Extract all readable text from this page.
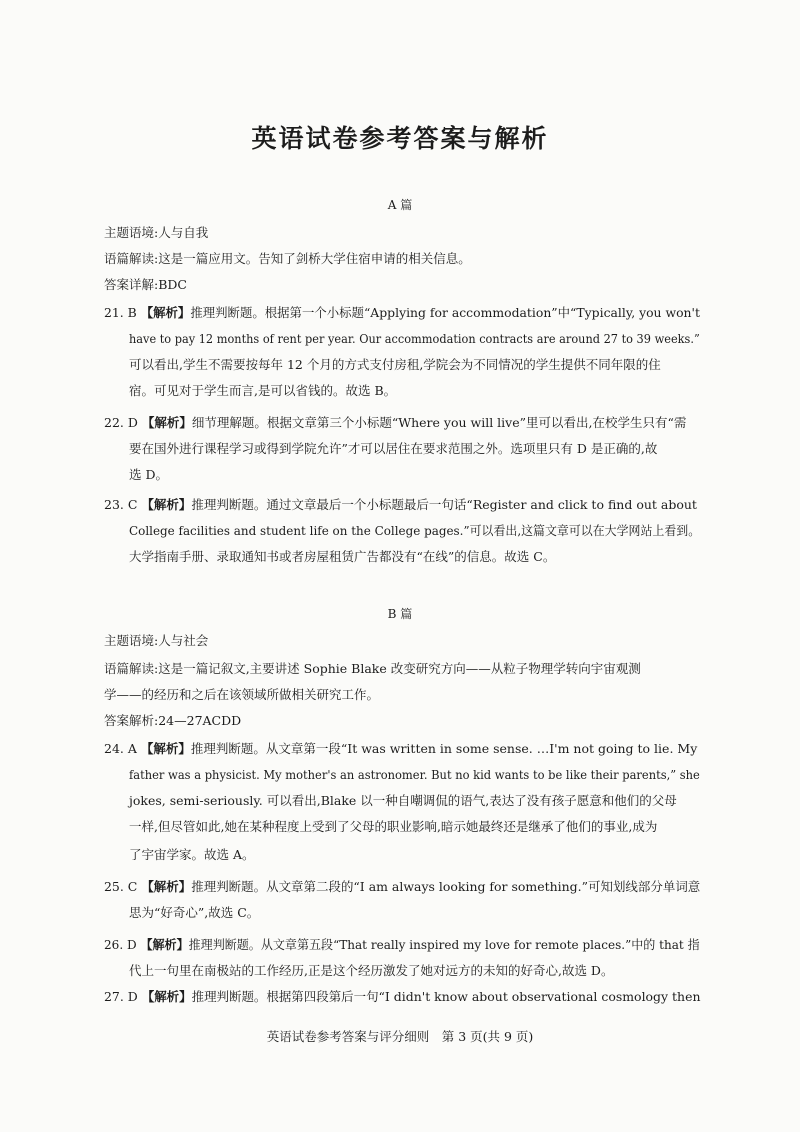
英语试卷参考答案与解析
A 篇
主题语境:人与自我
语篇解读:这是一篇应用文。告知了剑桥大学住宿申请的相关信息。
答案详解:BDC
21. B 【解析】推理判断题。根据第一个小标题“Applying for accommodation”中“Typically, you won't
have to pay 12 months of rent per year. Our accommodation contracts are around 27 to 39 weeks.”
可以看出,学生不需要按每年 12 个月的方式支付房租,学院会为不同情况的学生提供不同年限的住
宿。可见对于学生而言,是可以省钱的。故选 B。
22. D 【解析】细节理解题。根据文章第三个小标题“Where you will live”里可以看出,在校学生只有“需
要在国外进行课程学习或得到学院允许”才可以居住在要求范围之外。选项里只有 D 是正确的,故
选 D。
23. C 【解析】推理判断题。通过文章最后一个小标题最后一句话“Register and click to find out about
College facilities and student life on the College pages.”可以看出,这篇文章可以在大学网站上看到。
大学指南手册、录取通知书或者房屋租赁广告都没有“在线”的信息。故选 C。
B 篇
主题语境:人与社会
语篇解读:这是一篇记叙文,主要讲述 Sophie Blake 改变研究方向——从粒子物理学转向宇宙观测
学——的经历和之后在该领域所做相关研究工作。
答案解析:24—27ACDD
24. A 【解析】推理判断题。从文章第一段“It was written in some sense. …I'm not going to lie. My
father was a physicist. My mother's an astronomer. But no kid wants to be like their parents,” she
jokes, semi-seriously. 可以看出,Blake 以一种自嘲调侃的语气,表达了没有孩子愿意和他们的父母
一样,但尽管如此,她在某种程度上受到了父母的职业影响,暗示她最终还是继承了他们的事业,成为
了宇宙学家。故选 A。
25. C 【解析】推理判断题。从文章第二段的“I am always looking for something.”可知划线部分单词意
思为“好奇心”,故选 C。
26. D 【解析】推理判断题。从文章第五段“That really inspired my love for remote places.”中的 that 指
代上一句里在南极站的工作经历,正是这个经历激发了她对远方的未知的好奇心,故选 D。
27. D 【解析】推理判断题。根据第四段第后一句“I didn't know about observational cosmology then
英语试卷参考答案与评分细则　第 3 页(共 9 页)
